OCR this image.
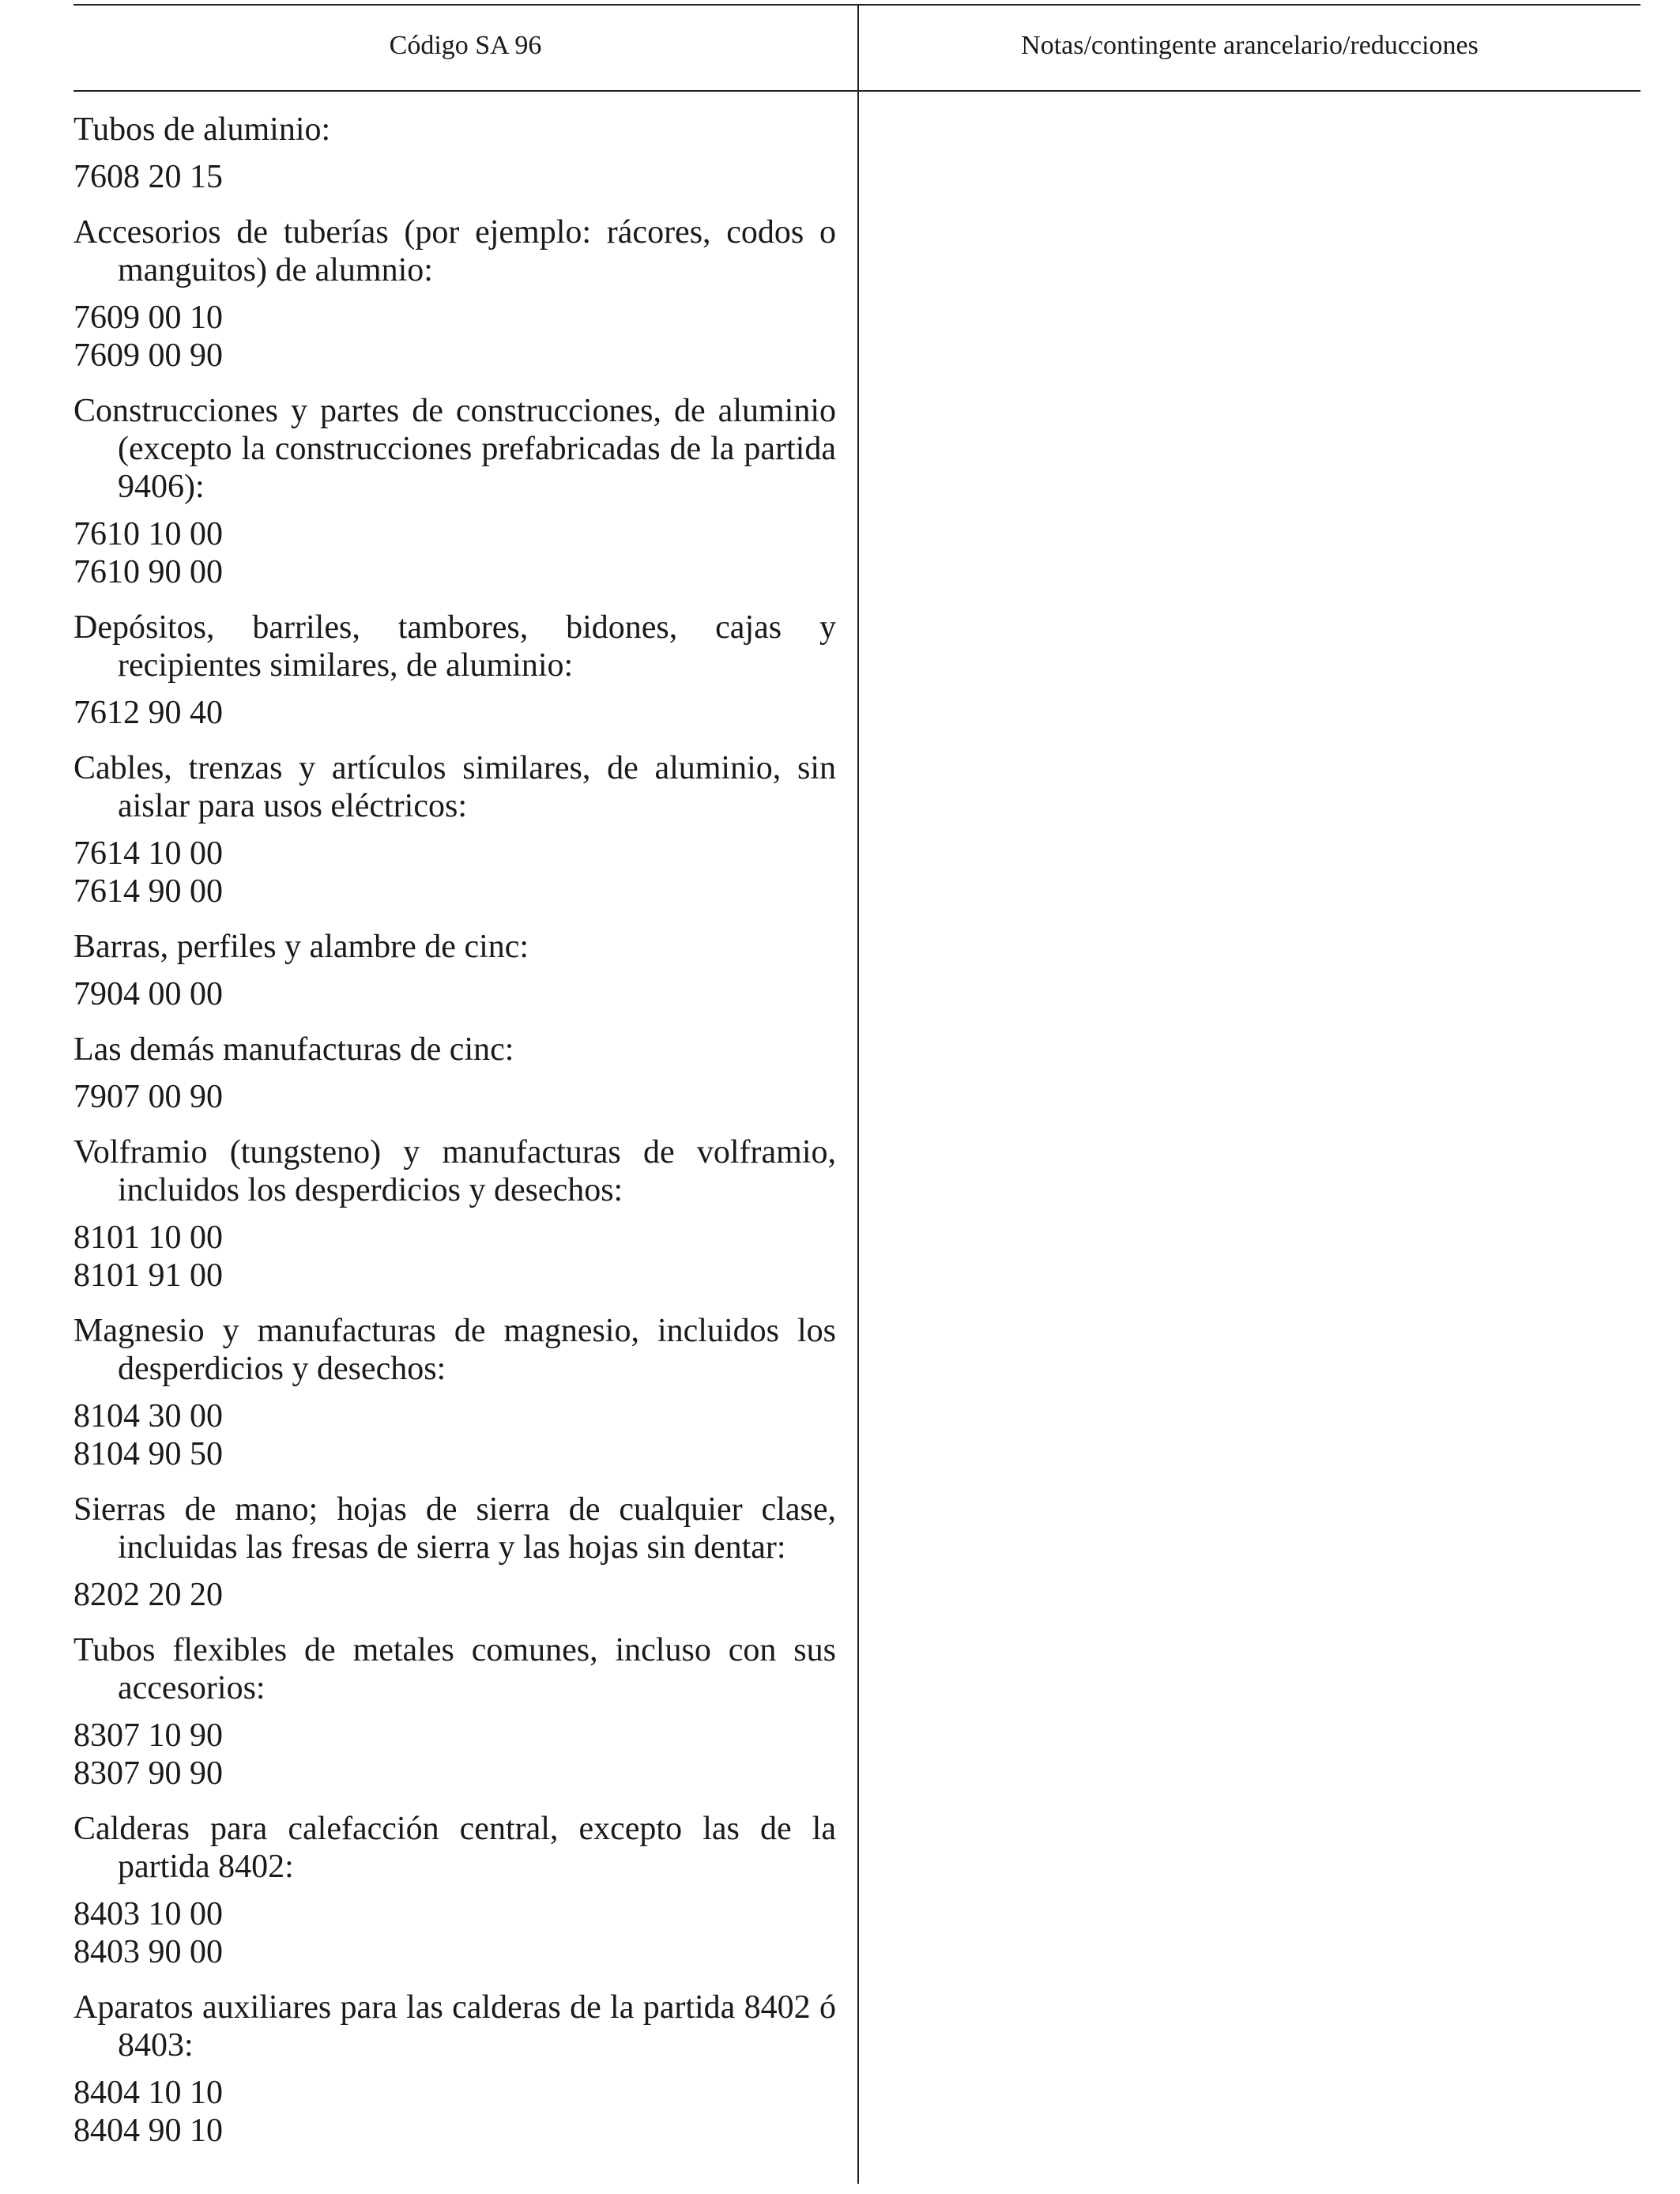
Código SA 96	Notas/contingente arancelario/reducciones
Tubos de aluminio:
7608 20 15
Accesorios de tuberías (por ejemplo: rácores, codos o manguitos) de alumnio:
7609 00 10
7609 00 90
Construcciones y partes de construcciones, de aluminio (excepto la construcciones prefabricadas de la partida 9406):
7610 10 00
7610 90 00
Depósitos, barriles, tambores, bidones, cajas y recipientes similares, de aluminio:
7612 90 40
Cables, trenzas y artículos similares, de aluminio, sin aislar para usos eléctricos:
7614 10 00
7614 90 00
Barras, perfiles y alambre de cinc:
7904 00 00
Las demás manufacturas de cinc:
7907 00 90
Volframio (tungsteno) y manufacturas de volframio, incluidos los desperdicios y desechos:
8101 10 00
8101 91 00
Magnesio y manufacturas de magnesio, incluidos los desperdicios y desechos:
8104 30 00
8104 90 50
Sierras de mano; hojas de sierra de cualquier clase, incluidas las fresas de sierra y las hojas sin dentar:
8202 20 20
Tubos flexibles de metales comunes, incluso con sus accesorios:
8307 10 90
8307 90 90
Calderas para calefacción central, excepto las de la partida 8402:
8403 10 00
8403 90 00
Aparatos auxiliares para las calderas de la partida 8402 ó 8403:
8404 10 10
8404 90 10
